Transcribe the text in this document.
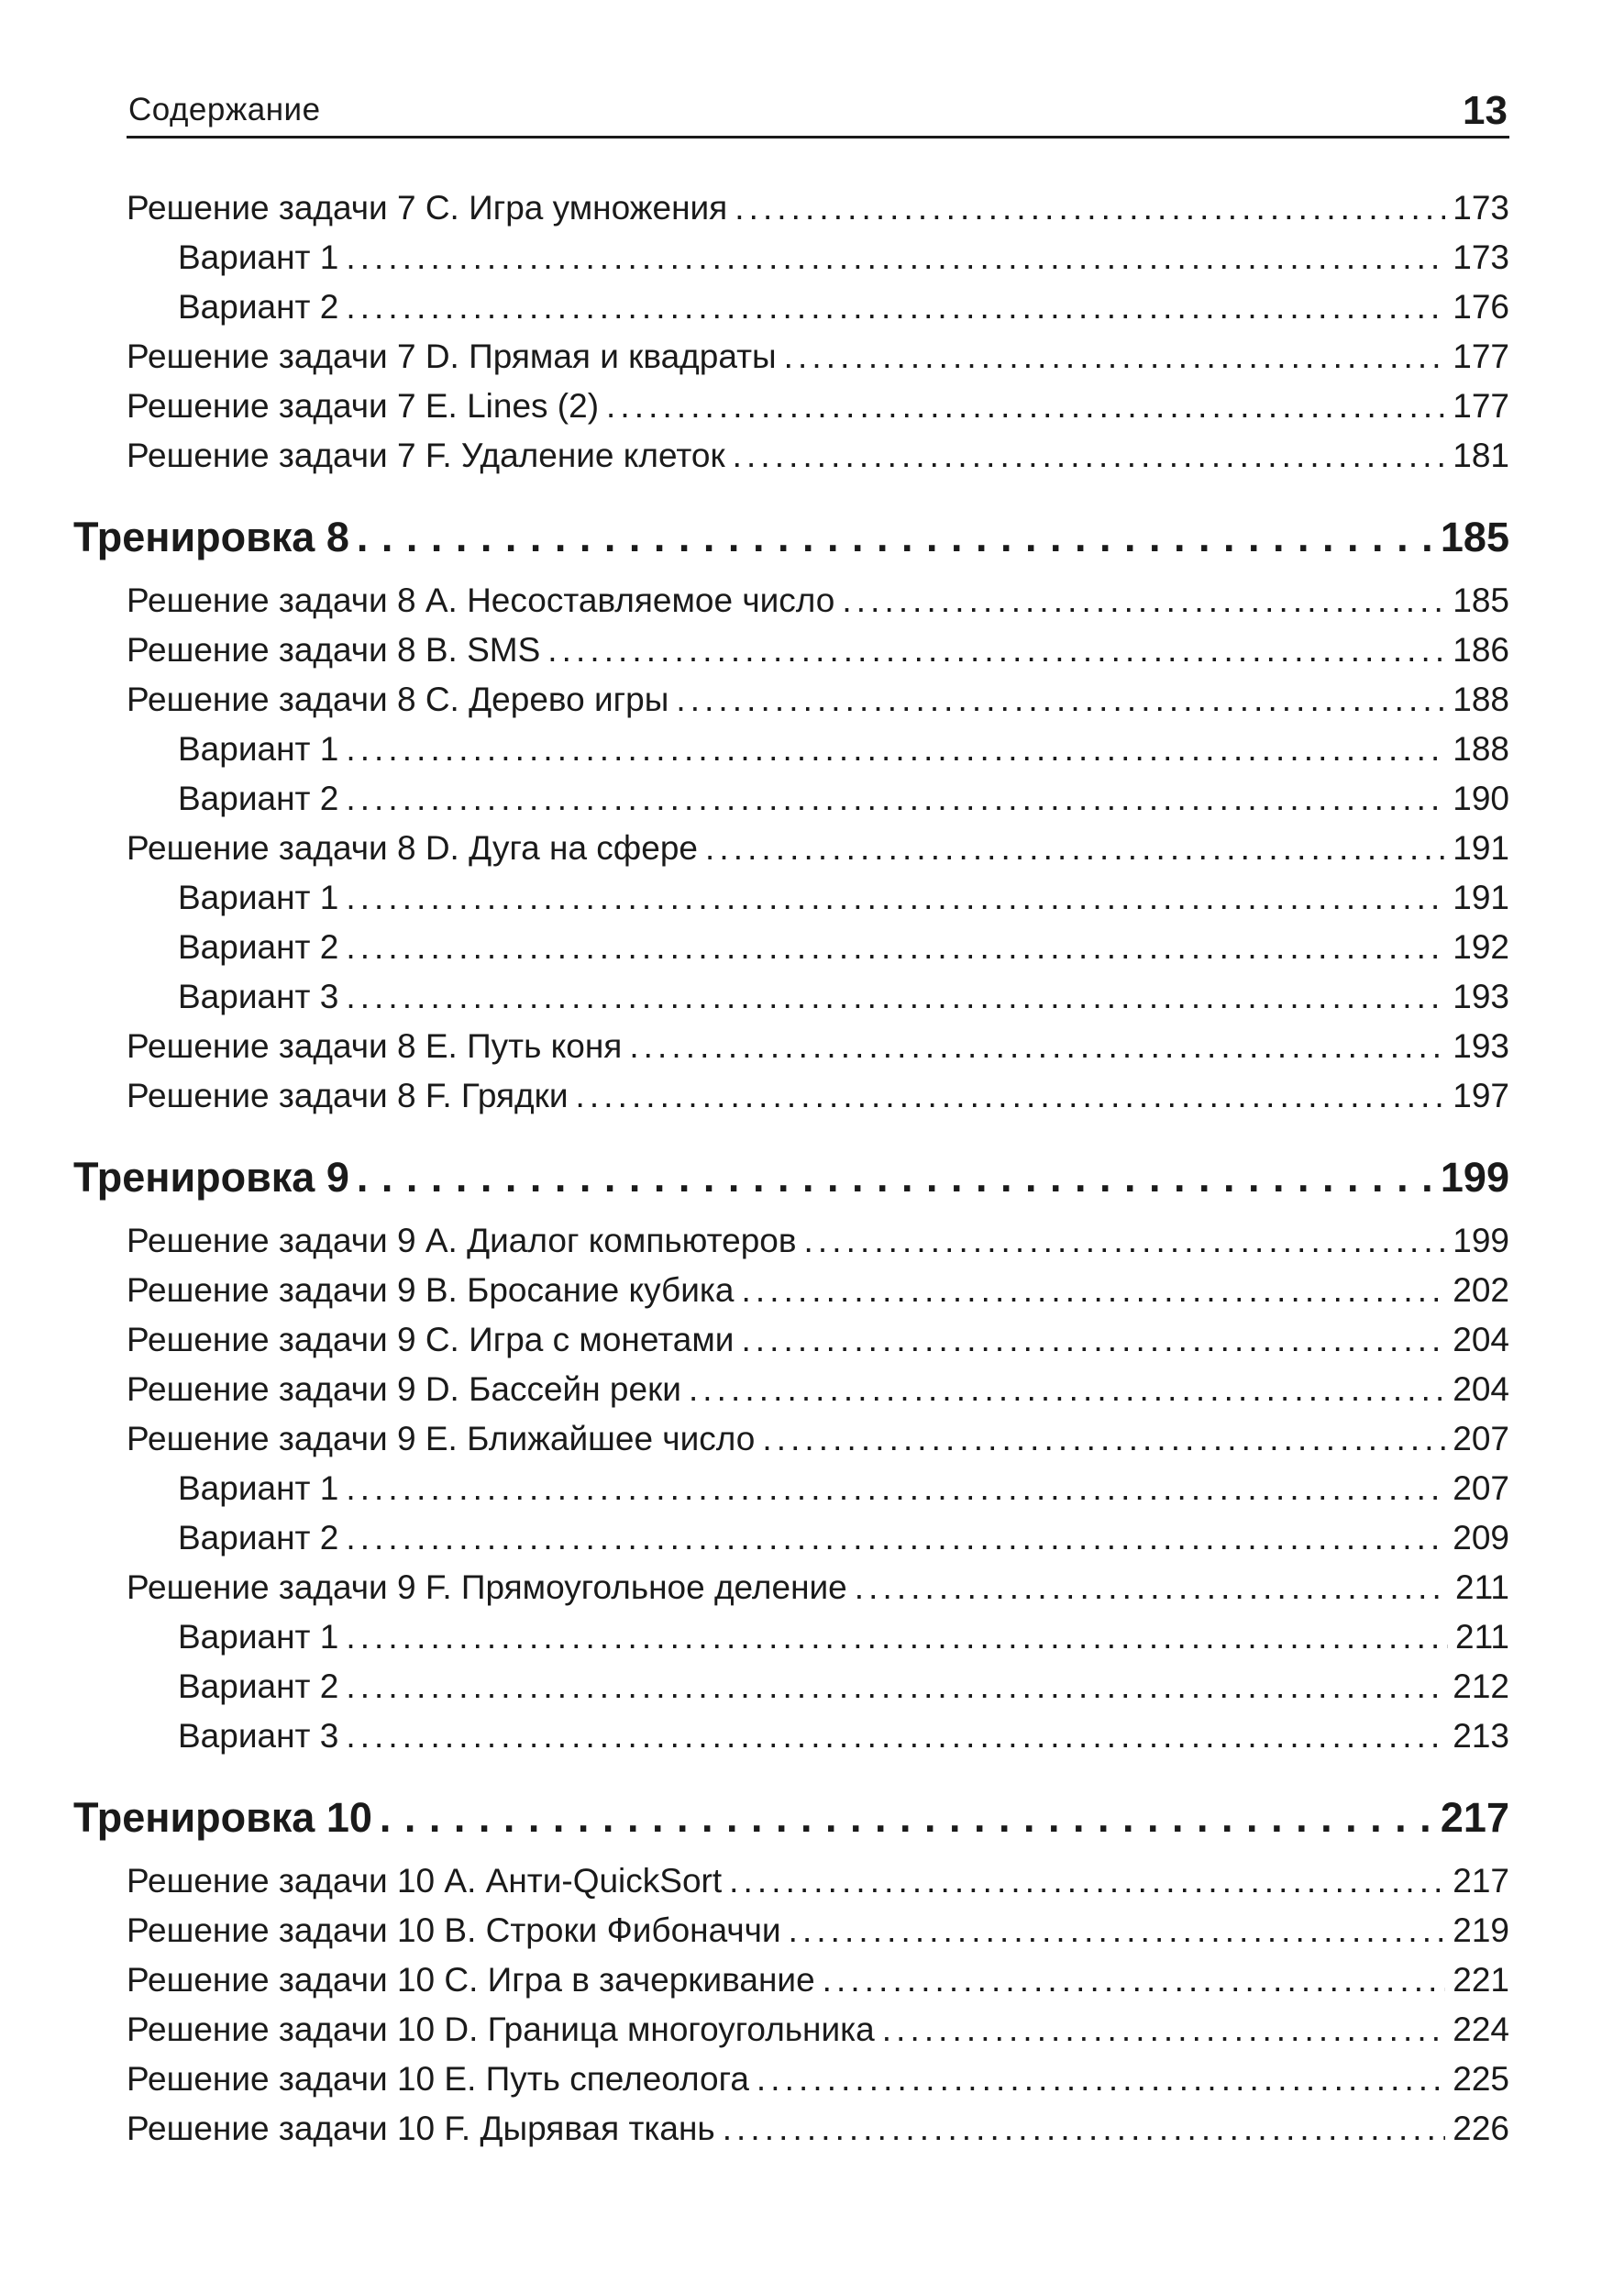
Содержание	13
Решение задачи 7 С. Игра умножения . . .	173
Вариант 1 . . .	173
Вариант 2 . . .	176
Решение задачи 7 D. Прямая и квадраты . . .	177
Решение задачи 7 E. Lines (2) . . .	177
Решение задачи 7 F. Удаление клеток . . .	181
Тренировка 8 . . .	185
Решение задачи 8 A. Несоставляемое число . . .	185
Решение задачи 8 B. SMS . . .	186
Решение задачи 8 C. Дерево игры . . .	188
Вариант 1 . . .	188
Вариант 2 . . .	190
Решение задачи 8 D. Дуга на сфере . . .	191
Вариант 1 . . .	191
Вариант 2 . . .	192
Вариант 3 . . .	193
Решение задачи 8 E. Путь коня . . .	193
Решение задачи 8 F. Грядки . . .	197
Тренировка 9 . . .	199
Решение задачи 9 A. Диалог компьютеров . . .	199
Решение задачи 9 B. Бросание кубика . . .	202
Решение задачи 9 C. Игра с монетами . . .	204
Решение задачи 9 D. Бассейн реки . . .	204
Решение задачи 9 E. Ближайшее число . . .	207
Вариант 1 . . .	207
Вариант 2 . . .	209
Решение задачи 9 F. Прямоугольное деление . . .	211
Вариант 1 . . .	211
Вариант 2 . . .	212
Вариант 3 . . .	213
Тренировка 10 . . .	217
Решение задачи 10 A. Анти-QuickSort . . .	217
Решение задачи 10 B. Строки Фибоначчи . . .	219
Решение задачи 10 C. Игра в зачеркивание . . .	221
Решение задачи 10 D. Граница многоугольника . . .	224
Решение задачи 10 E. Путь спелеолога . . .	225
Решение задачи 10 F. Дырявая ткань . . .	226
